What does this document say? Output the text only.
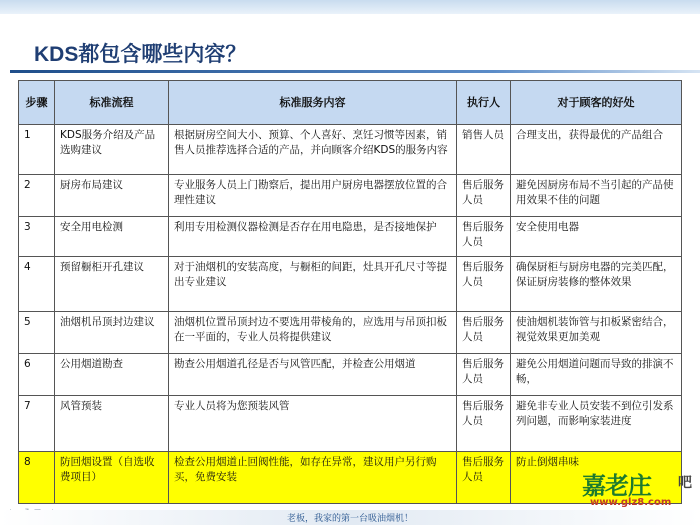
KDS都包含哪些内容？
步骤	标准流程	标准服务内容	执行人	对于顾客的好处
1	KDS服务介绍及产品选购建议	根据厨房空间大小、预算、个人喜好、烹饪习惯等因素，销售人员推荐选择合适的产品，并向顾客介绍KDS的服务内容	销售人员	合理支出，获得最优的产品组合
2	厨房布局建议	专业服务人员上门勘察后，提出用户厨房电器摆放位置的合理性建议	售后服务人员	避免因厨房布局不当引起的产品使用效果不佳的问题
3	安全用电检测	利用专用检测仪器检测是否存在用电隐患，是否接地保护	售后服务人员	安全使用电器
4	预留橱柜开孔建议	对于油烟机的安装高度，与橱柜的间距，灶具开孔尺寸等提出专业建议	售后服务人员	确保厨柜与厨房电器的完美匹配，保证厨房装修的整体效果
5	油烟机吊顶封边建议	油烟机位置吊顶封边不要选用带棱角的，应选用与吊顶扣板在一平面的，专业人员将提供建议	售后服务人员	使油烟机装饰管与扣板紧密结合，视觉效果更加美观
6	公用烟道勘查	勘查公用烟道孔径是否与风管匹配，并检查公用烟道	售后服务人员	避免公用烟道问题而导致的排演不畅，
7	风管预装	专业人员将为您预装风管	售后服务人员	避免非专业人员安装不到位引发系列问题，而影响家装进度
8	防回烟设置（自选收费项目）	检查公用烟道止回阀性能，如存在异常，建议用户另行购买，免费安装	售后服务人员	防止倒烟串味
老板，我家的第一台吸油烟机！
嘉老庄 吧
www.glz8.com
